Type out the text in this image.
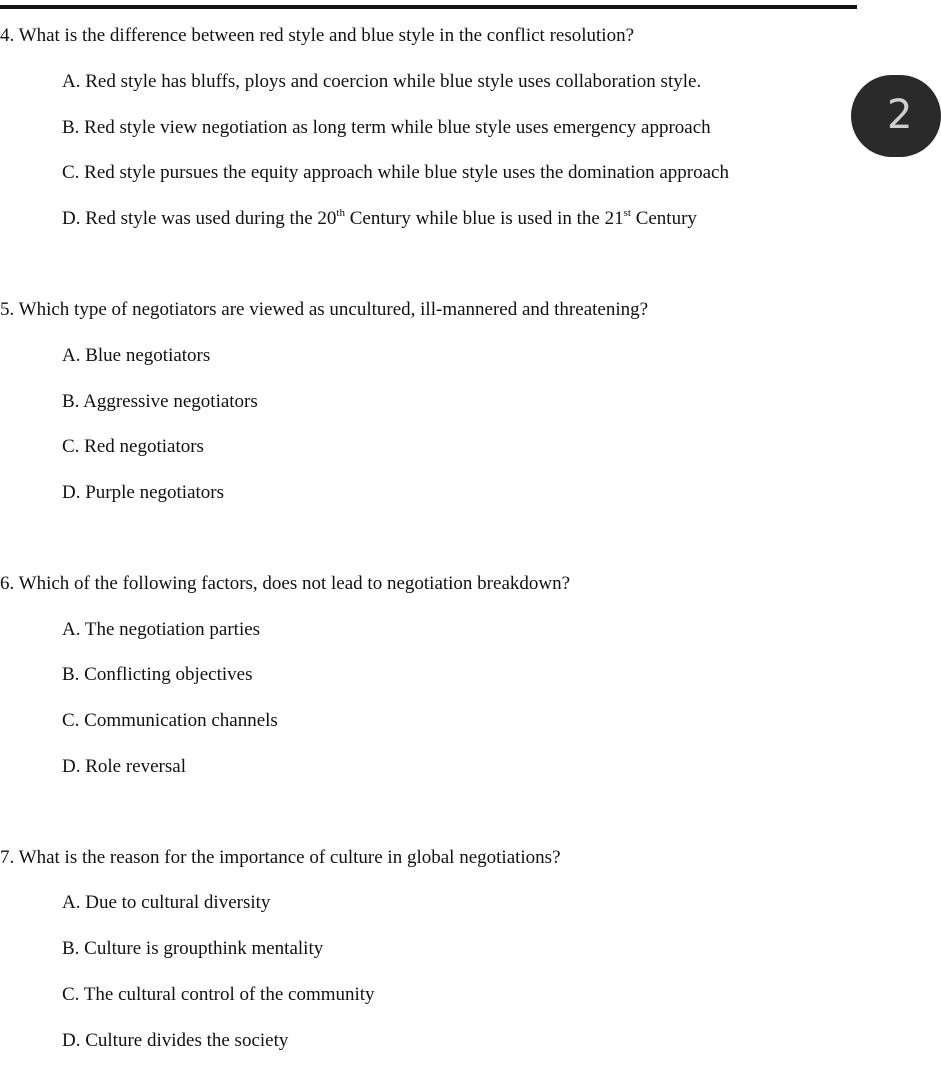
4. What is the difference between red style and blue style in the conflict resolution?
A. Red style has bluffs, ploys and coercion while blue style uses collaboration style.
B. Red style view negotiation as long term while blue style uses emergency approach
C. Red style pursues the equity approach while blue style uses the domination approach
D. Red style was used during the 20th Century while blue is used in the 21st Century
5. Which type of negotiators are viewed as uncultured, ill-mannered and threatening?
A. Blue negotiators
B. Aggressive negotiators
C. Red negotiators
D. Purple negotiators
6. Which of the following factors, does not lead to negotiation breakdown?
A. The negotiation parties
B. Conflicting objectives
C. Communication channels
D. Role reversal
7. What is the reason for the importance of culture in global negotiations?
A. Due to cultural diversity
B. Culture is groupthink mentality
C. The cultural control of the community
D. Culture divides the society
2
